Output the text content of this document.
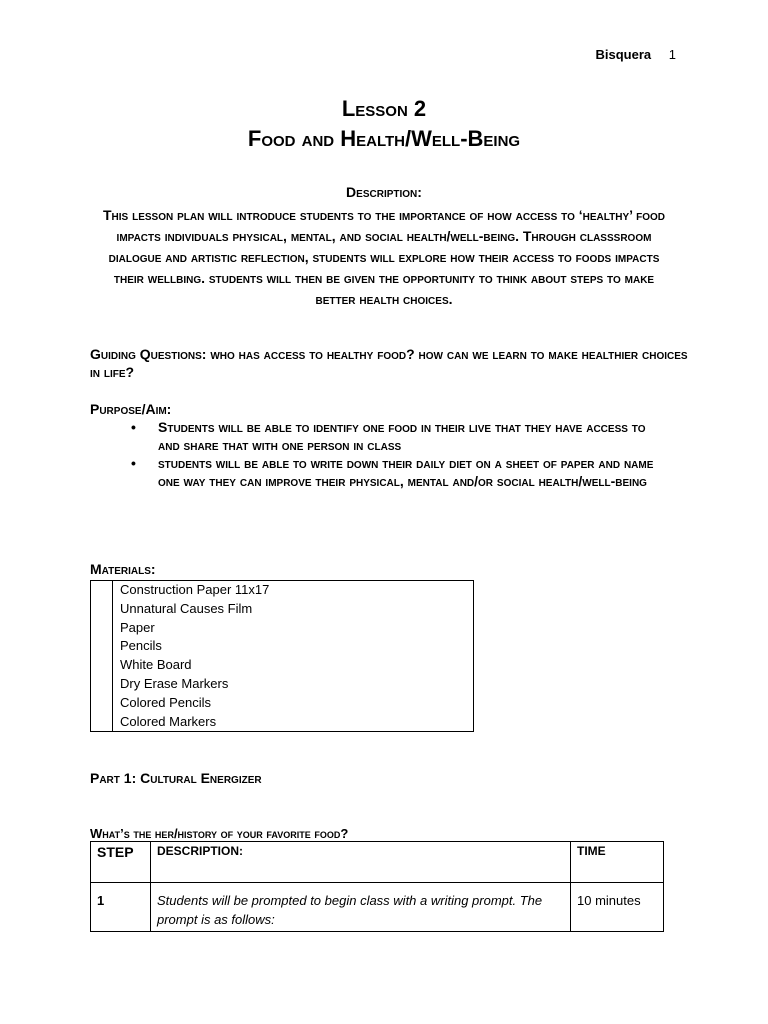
Bisquera 1
Lesson 2
Food and Health/Well-Being
Description:
This lesson plan will introduce students to the importance of how access to ‘healthy’ food impacts individuals physical, mental, and social health/well-being. Through classsroom dialogue and artistic reflection, students will explore how their access to foods impacts their wellbing. students will then be given the opportunity to think about steps to make better health choices.
Guiding Questions: who has access to healthy food? how can we learn to make healthier choices in life?
Purpose/Aim:
• Students will be able to identify one food in their live that they have access to and share that with one person in class
• students will be able to write down their daily diet on a sheet of paper and name one way they can improve their physical, mental and/or social health/well-being
Materials:
Construction Paper 11x17
Unnatural Causes Film
Paper
Pencils
White Board
Dry Erase Markers
Colored Pencils
Colored Markers
Part 1: Cultural Energizer
What’s the her/history of your favorite food?
STEP	DESCRIPTION:	TIME
1	Students will be prompted to begin class with a writing prompt. The prompt is as follows:	10 minutes
